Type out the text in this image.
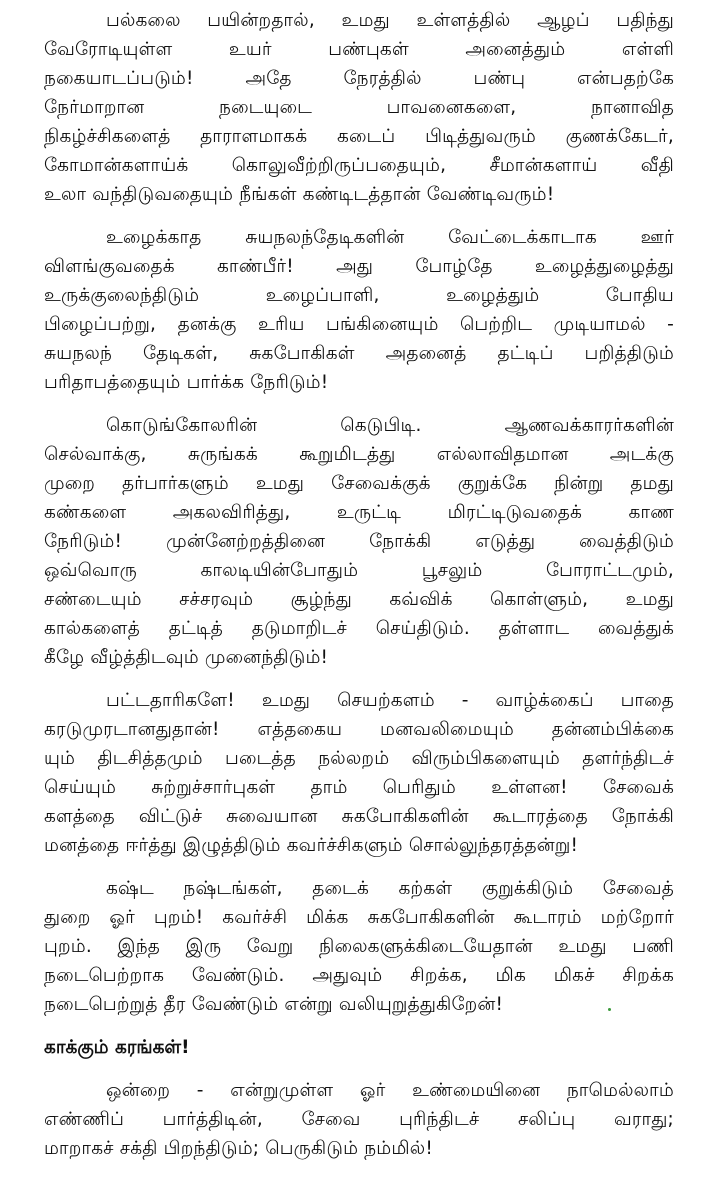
பல்கலை பயின்றதால், உமது உள்ளத்தில் ஆழப் பதிந்து
வேரோடியுள்ள உயர் பண்புகள் அனைத்தும் எள்ளி
நகையாடப்படும்! அதே நேரத்தில் பண்பு என்பதற்கே
நேர்மாறான நடையுடை பாவனைகளை, நானாவித
நிகழ்ச்சிகளைத் தாராளமாகக் கடைப் பிடித்துவரும் குணக்கேடர்,
கோமான்களாய்க் கொலுவீற்றிருப்பதையும், சீமான்களாய் வீதி
உலா வந்திடுவதையும் நீங்கள் கண்டிடத்தான் வேண்டிவரும்!
உழைக்காத சுயநலந்தேடிகளின் வேட்டைக்காடாக ஊர்
விளங்குவதைக் காண்பீர்! அது போழ்தே உழைத்துழைத்து
உருக்குலைந்திடும் உழைப்பாளி, உழைத்தும் போதிய
பிழைப்பற்று, தனக்கு உரிய பங்கினையும் பெற்றிட முடியாமல் -
சுயநலந் தேடிகள், சுகபோகிகள் அதனைத் தட்டிப் பறித்திடும்
பரிதாபத்தையும் பார்க்க நேரிடும்!
கொடுங்கோலரின் கெடுபிடி. ஆணவக்காரர்களின்
செல்வாக்கு, சுருங்கக் கூறுமிடத்து எல்லாவிதமான அடக்கு
முறை தர்பார்களும் உமது சேவைக்குக் குறுக்கே நின்று தமது
கண்களை அகலவிரித்து, உருட்டி மிரட்டிடுவதைக் காண
நேரிடும்! முன்னேற்றத்தினை நோக்கி எடுத்து வைத்திடும்
ஒவ்வொரு காலடியின்போதும் பூசலும் போராட்டமும்,
சண்டையும் சச்சரவும் சூழ்ந்து கவ்விக் கொள்ளும், உமது
கால்களைத் தட்டித் தடுமாறிடச் செய்திடும். தள்ளாட வைத்துக்
கீழே வீழ்த்திடவும் முனைந்திடும்!
பட்டதாரிகளே! உமது செயற்களம் - வாழ்க்கைப் பாதை
கரடுமுரடானதுதான்! எத்தகைய மனவலிமையும் தன்னம்பிக்கை
யும் திடசித்தமும் படைத்த நல்லறம் விரும்பிகளையும் தளர்ந்திடச்
செய்யும் சுற்றுச்சார்புகள் தாம் பெரிதும் உள்ளன! சேவைக்
களத்தை விட்டுச் சுவையான சுகபோகிகளின் கூடாரத்தை நோக்கி
மனத்தை ஈர்த்து இழுத்திடும் கவர்ச்சிகளும் சொல்லுந்தரத்தன்று!
கஷ்ட நஷ்டங்கள், தடைக் கற்கள் குறுக்கிடும் சேவைத்
துறை ஓர் புறம்! கவர்ச்சி மிக்க சுகபோகிகளின் கூடாரம் மற்றோர்
புறம். இந்த இரு வேறு நிலைகளுக்கிடையேதான் உமது பணி
நடைபெற்றாக வேண்டும். அதுவும் சிறக்க, மிக மிகச் சிறக்க
நடைபெற்றுத் தீர வேண்டும் என்று வலியுறுத்துகிறேன்!
காக்கும் கரங்கள்!
ஒன்றை - என்றுமுள்ள ஓர் உண்மையினை நாமெல்லாம்
எண்ணிப் பார்த்திடின், சேவை புரிந்திடச் சலிப்பு வராது;
மாறாகச் சக்தி பிறந்திடும்; பெருகிடும் நம்மில்!
